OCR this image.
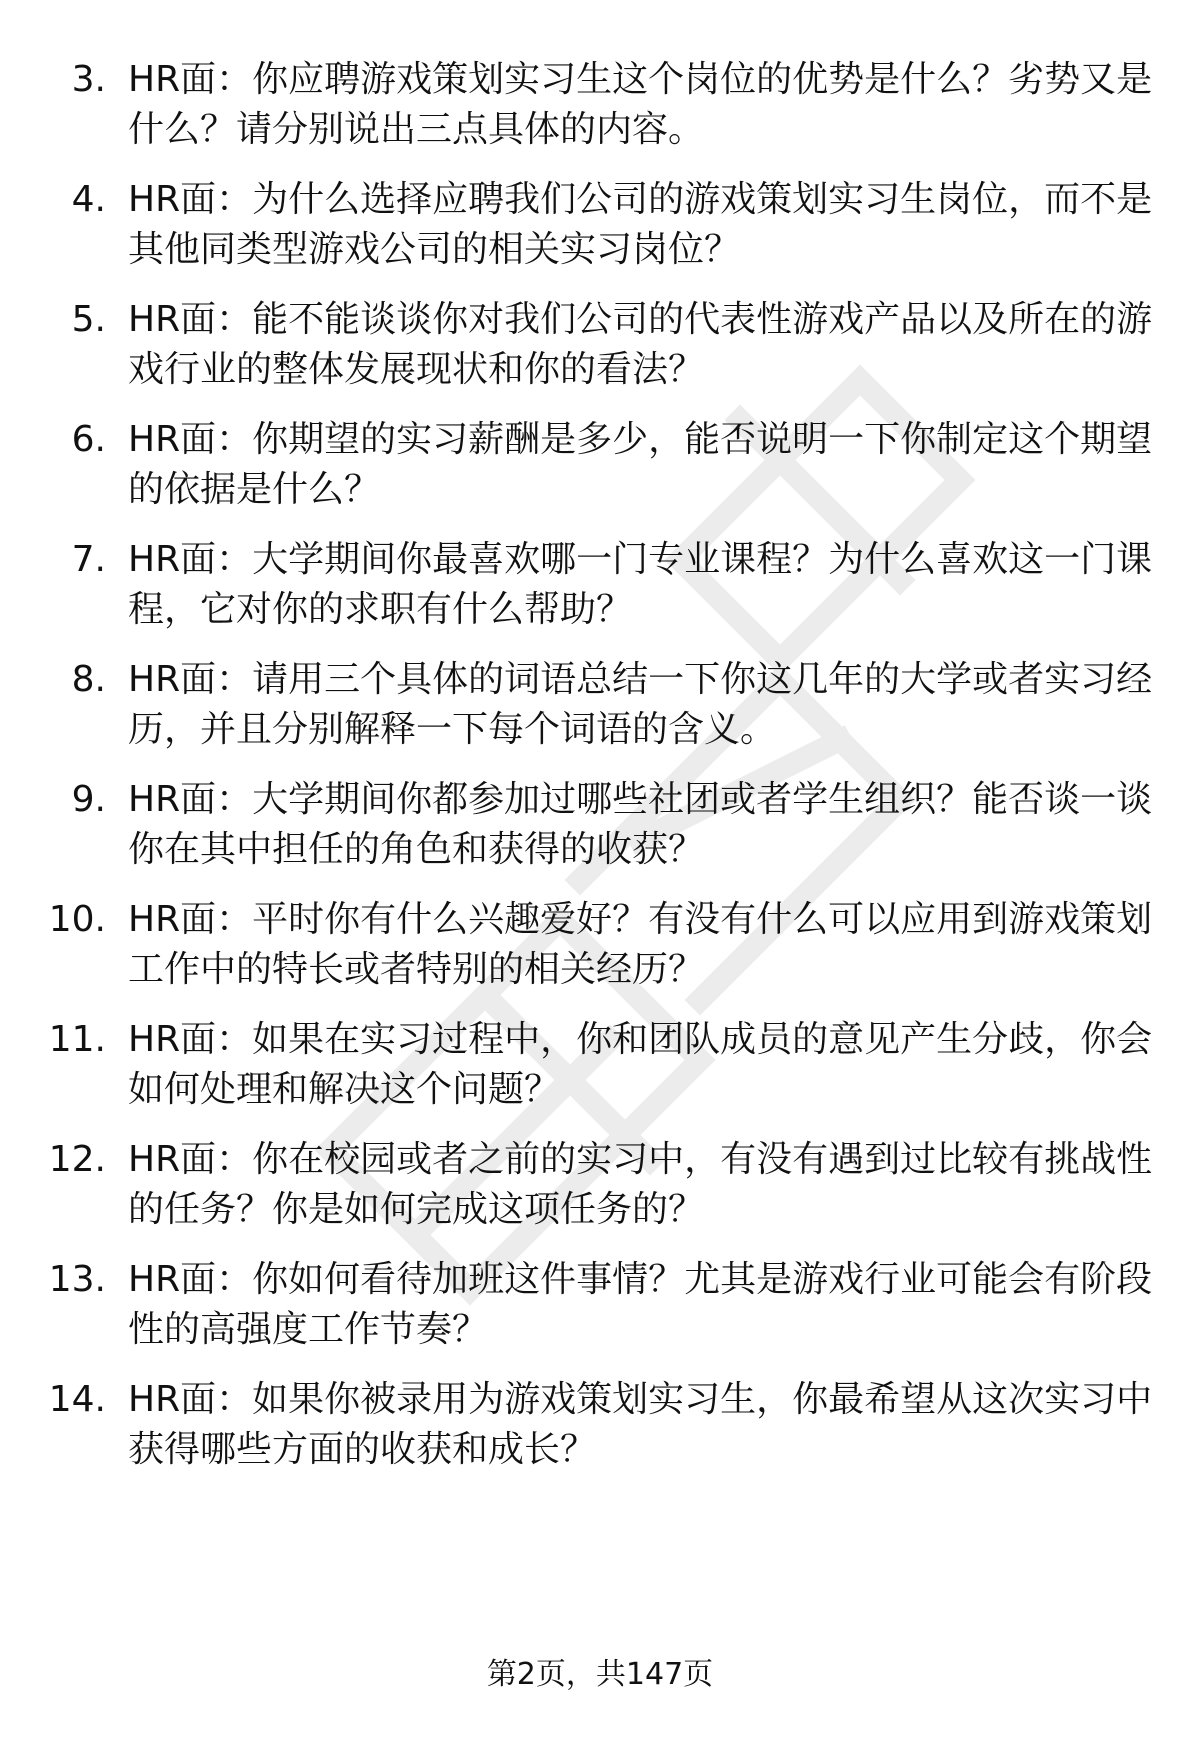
3. HR面：你应聘游戏策划实习生这个岗位的优势是什么？劣势又是
什么？请分别说出三点具体的内容。
4. HR面：为什么选择应聘我们公司的游戏策划实习生岗位，而不是
其他同类型游戏公司的相关实习岗位？
5. HR面：能不能谈谈你对我们公司的代表性游戏产品以及所在的游
戏行业的整体发展现状和你的看法？
6. HR面：你期望的实习薪酬是多少，能否说明一下你制定这个期望
的依据是什么？
7. HR面：大学期间你最喜欢哪一门专业课程？为什么喜欢这一门课
程，它对你的求职有什么帮助？
8. HR面：请用三个具体的词语总结一下你这几年的大学或者实习经
历，并且分别解释一下每个词语的含义。
9. HR面：大学期间你都参加过哪些社团或者学生组织？能否谈一谈
你在其中担任的角色和获得的收获？
10. HR面：平时你有什么兴趣爱好？有没有什么可以应用到游戏策划
工作中的特长或者特别的相关经历？
11. HR面：如果在实习过程中，你和团队成员的意见产生分歧，你会
如何处理和解决这个问题？
12. HR面：你在校园或者之前的实习中，有没有遇到过比较有挑战性
的任务？你是如何完成这项任务的？
13. HR面：你如何看待加班这件事情？尤其是游戏行业可能会有阶段
性的高强度工作节奏？
14. HR面：如果你被录用为游戏策划实习生，你最希望从这次实习中
获得哪些方面的收获和成长？
第2页，共147页
